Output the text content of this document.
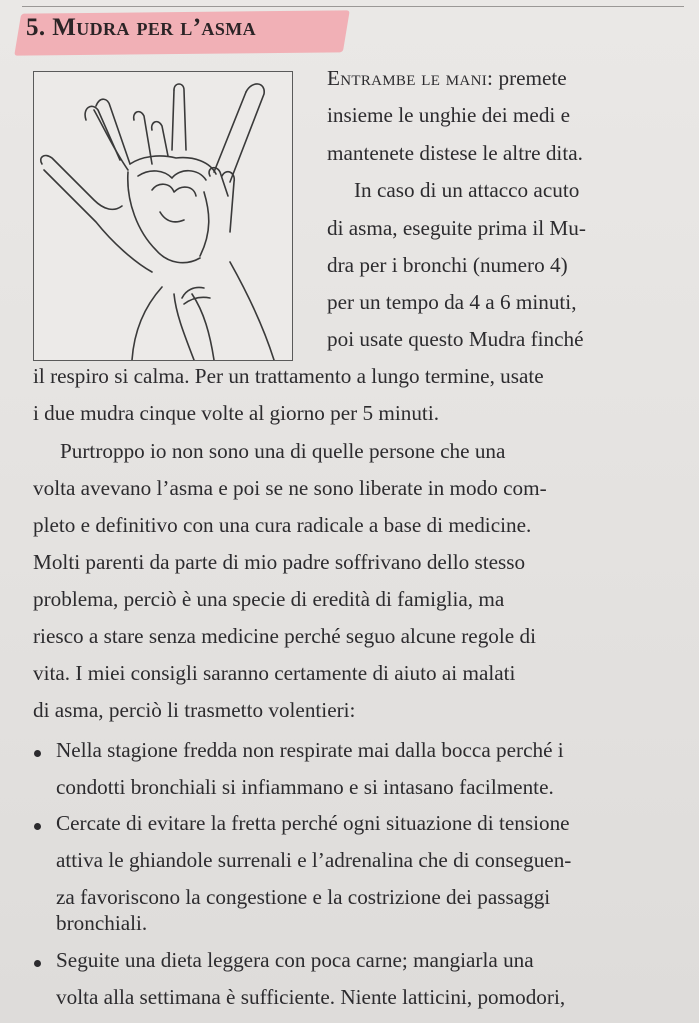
5. Mudra per l’asma
Entrambe le mani: premete
insieme le unghie dei medi e
mantenete distese le altre dita.
In caso di un attacco acuto
di asma, eseguite prima il Mu-
dra per i bronchi (numero 4)
per un tempo da 4 a 6 minuti,
poi usate questo Mudra finché
il respiro si calma. Per un trattamento a lungo termine, usate
i due mudra cinque volte al giorno per 5 minuti.
Purtroppo io non sono una di quelle persone che una
volta avevano l’asma e poi se ne sono liberate in modo com-
pleto e definitivo con una cura radicale a base di medicine.
Molti parenti da parte di mio padre soffrivano dello stesso
problema, perciò è una specie di eredità di famiglia, ma
riesco a stare senza medicine perché seguo alcune regole di
vita. I miei consigli saranno certamente di aiuto ai malati
di asma, perciò li trasmetto volentieri:
Nella stagione fredda non respirate mai dalla bocca perché i
condotti bronchiali si infiammano e si intasano facilmente.
Cercate di evitare la fretta perché ogni situazione di tensione
attiva le ghiandole surrenali e l’adrenalina che di conseguen-
za favoriscono la congestione e la costrizione dei passaggi
bronchiali.
Seguite una dieta leggera con poca carne; mangiarla una
volta alla settimana è sufficiente. Niente latticini, pomodori,
